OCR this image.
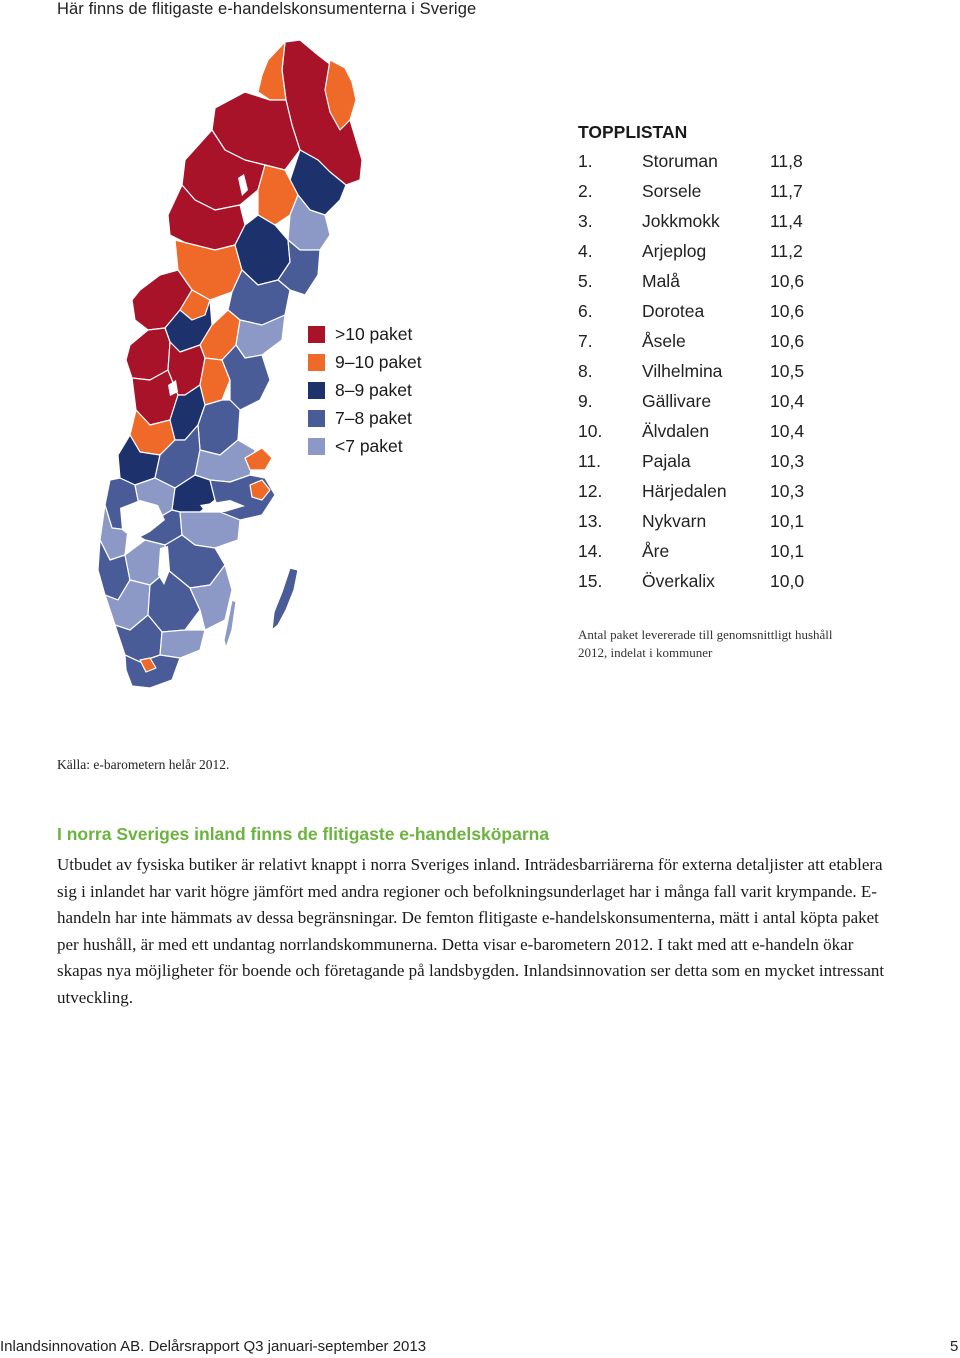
Här finns de flitigaste e-handelskonsumenterna i Sverige
>10 paket
9–10 paket
8–9 paket
7–8 paket
<7 paket
TOPPLISTAN
1.	Storuman	11,8
2.	Sorsele	11,7
3.	Jokkmokk	11,4
4.	Arjeplog	11,2
5.	Malå	10,6
6.	Dorotea	10,6
7.	Åsele	10,6
8.	Vilhelmina	10,5
9.	Gällivare	10,4
10.	Älvdalen	10,4
11.	Pajala	10,3
12.	Härjedalen	10,3
13.	Nykvarn	10,1
14.	Åre	10,1
15.	Överkalix	10,0
Antal paket levererade till genomsnittligt hushåll 2012, indelat i kommuner
Källa: e-barometern helår 2012.
I norra Sveriges inland finns de flitigaste e-handelsköparna
Utbudet av fysiska butiker är relativt knappt i norra Sveriges inland. Inträdesbarriärerna för externa detaljister att etablera sig i inlandet har varit högre jämfört med andra regioner och befolkningsunderlaget har i många fall varit krympande. E-handeln har inte hämmats av dessa begränsningar. De femton flitigaste e-handelskonsumenterna, mätt i antal köpta paket per hushåll, är med ett undantag norrlandskommunerna. Detta visar e-barometern 2012. I takt med att e-handeln ökar skapas nya möjligheter för boende och företagande på landsbygden. Inlandsinnovation ser detta som en mycket intressant utveckling.
Inlandsinnovation AB. Delårsrapport Q3 januari-september 2013	5
